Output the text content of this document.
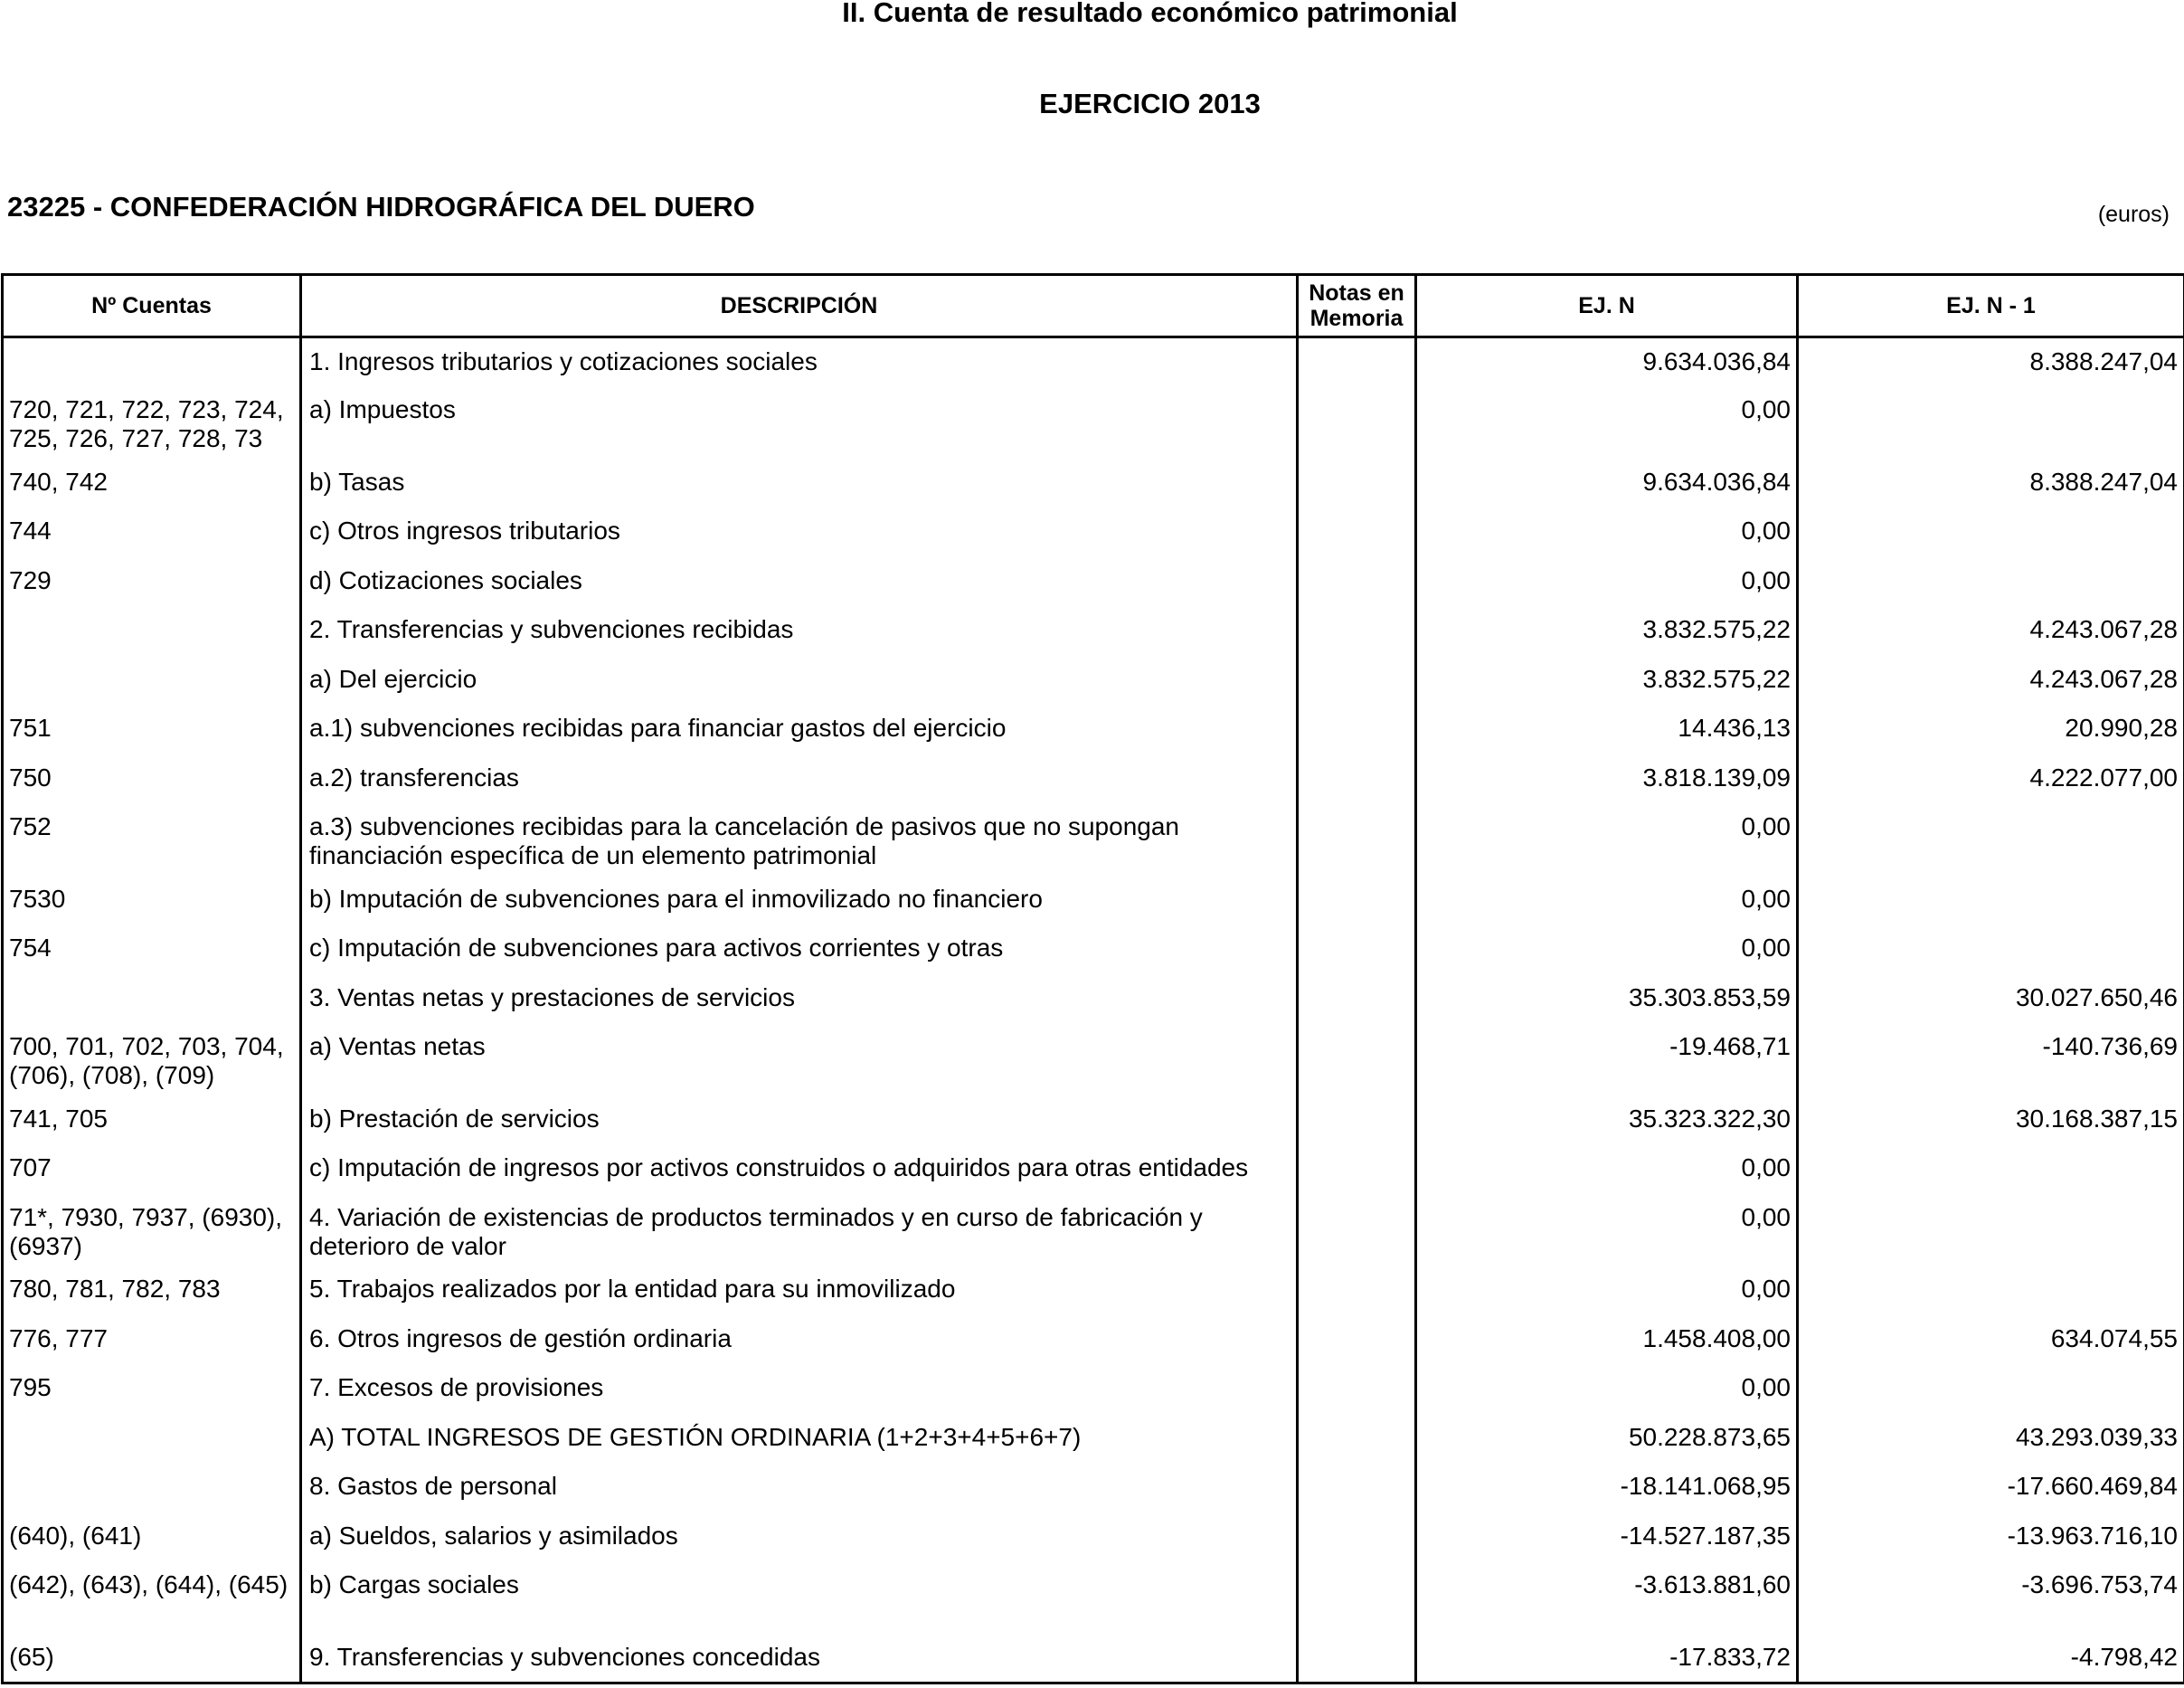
II. Cuenta de resultado económico patrimonial
EJERCICIO 2013
23225 - CONFEDERACIÓN HIDROGRÁFICA DEL DUERO	(euros)
Nº Cuentas	DESCRIPCIÓN	Notas en Memoria	EJ. N	EJ. N - 1
	1. Ingresos tributarios y cotizaciones sociales		9.634.036,84	8.388.247,04
720, 721, 722, 723, 724, 725, 726, 727, 728, 73	a) Impuestos		0,00	
740, 742	b) Tasas		9.634.036,84	8.388.247,04
744	c) Otros ingresos tributarios		0,00	
729	d) Cotizaciones sociales		0,00	
	2. Transferencias y subvenciones recibidas		3.832.575,22	4.243.067,28
	a) Del ejercicio		3.832.575,22	4.243.067,28
751	a.1) subvenciones recibidas para financiar gastos del ejercicio		14.436,13	20.990,28
750	a.2) transferencias		3.818.139,09	4.222.077,00
752	a.3) subvenciones recibidas para la cancelación de pasivos que no supongan financiación específica de un elemento patrimonial		0,00	
7530	b) Imputación de subvenciones para el inmovilizado no financiero		0,00	
754	c) Imputación de subvenciones para activos corrientes y otras		0,00	
	3. Ventas netas y prestaciones de servicios		35.303.853,59	30.027.650,46
700, 701, 702, 703, 704, (706), (708), (709)	a) Ventas netas		-19.468,71	-140.736,69
741, 705	b) Prestación de servicios		35.323.322,30	30.168.387,15
707	c) Imputación de ingresos por activos construidos o adquiridos para otras entidades		0,00	
71*, 7930, 7937, (6930), (6937)	4. Variación de existencias de productos terminados y en curso de fabricación y deterioro de valor		0,00	
780, 781, 782, 783	5. Trabajos realizados por la entidad para su inmovilizado		0,00	
776, 777	6. Otros ingresos de gestión ordinaria		1.458.408,00	634.074,55
795	7. Excesos de provisiones		0,00	
	A) TOTAL INGRESOS DE GESTIÓN ORDINARIA (1+2+3+4+5+6+7)		50.228.873,65	43.293.039,33
	8. Gastos de personal		-18.141.068,95	-17.660.469,84
(640), (641)	a) Sueldos, salarios y asimilados		-14.527.187,35	-13.963.716,10
(642), (643), (644), (645)	b) Cargas sociales		-3.613.881,60	-3.696.753,74
(65)	9. Transferencias y subvenciones concedidas		-17.833,72	-4.798,42
